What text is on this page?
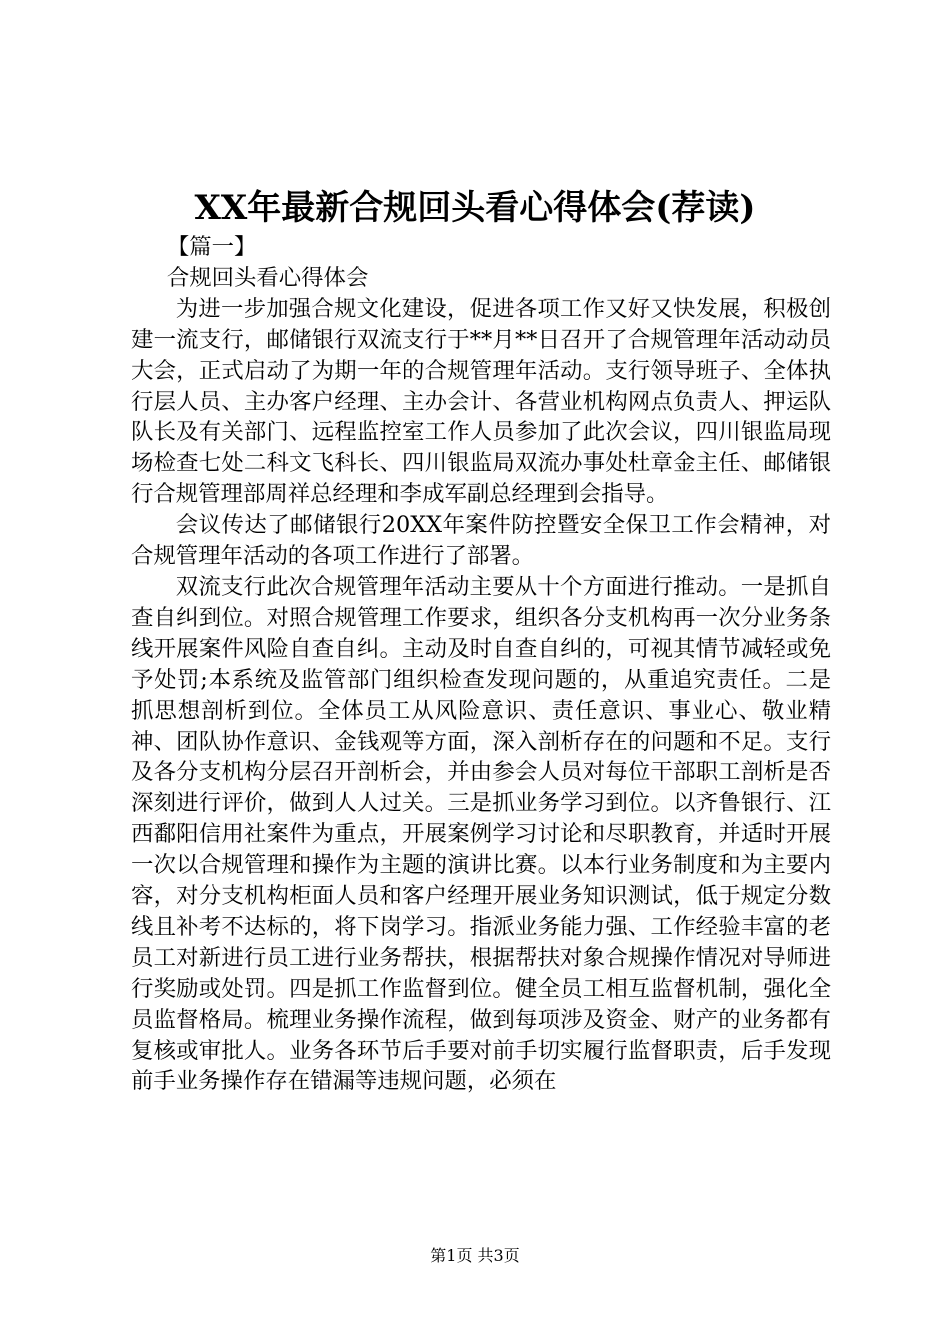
XX年最新合规回头看心得体会(荐读)

【篇一】

合规回头看心得体会

为进一步加强合规文化建设，促进各项工作又好又快发展，积极创建一流支行，邮储银行双流支行于**月**日召开了合规管理年活动动员大会，正式启动了为期一年的合规管理年活动。支行领导班子、全体执行层人员、主办客户经理、主办会计、各营业机构网点负责人、押运队队长及有关部门、远程监控室工作人员参加了此次会议，四川银监局现场检查七处二科文飞科长、四川银监局双流办事处杜章金主任、邮储银行合规管理部周祥总经理和李成军副总经理到会指导。

会议传达了邮储银行20XX年案件防控暨安全保卫工作会精神，对合规管理年活动的各项工作进行了部署。

双流支行此次合规管理年活动主要从十个方面进行推动。一是抓自查自纠到位。对照合规管理工作要求，组织各分支机构再一次分业务条线开展案件风险自查自纠。主动及时自查自纠的，可视其情节减轻或免予处罚;本系统及监管部门组织检查发现问题的，从重追究责任。二是抓思想剖析到位。全体员工从风险意识、责任意识、事业心、敬业精神、团队协作意识、金钱观等方面，深入剖析存在的问题和不足。支行及各分支机构分层召开剖析会，并由参会人员对每位干部职工剖析是否深刻进行评价，做到人人过关。三是抓业务学习到位。以齐鲁银行、江西鄱阳信用社案件为重点，开展案例学习讨论和尽职教育，并适时开展一次以合规管理和操作为主题的演讲比赛。以本行业务制度和为主要内容，对分支机构柜面人员和客户经理开展业务知识测试，低于规定分数线且补考不达标的，将下岗学习。指派业务能力强、工作经验丰富的老员工对新进行员工进行业务帮扶，根据帮扶对象合规操作情况对导师进行奖励或处罚。四是抓工作监督到位。健全员工相互监督机制，强化全员监督格局。梳理业务操作流程，做到每项涉及资金、财产的业务都有复核或审批人。业务各环节后手要对前手切实履行监督职责，后手发现前手业务操作存在错漏等违规问题，必须在

第1页 共3页
